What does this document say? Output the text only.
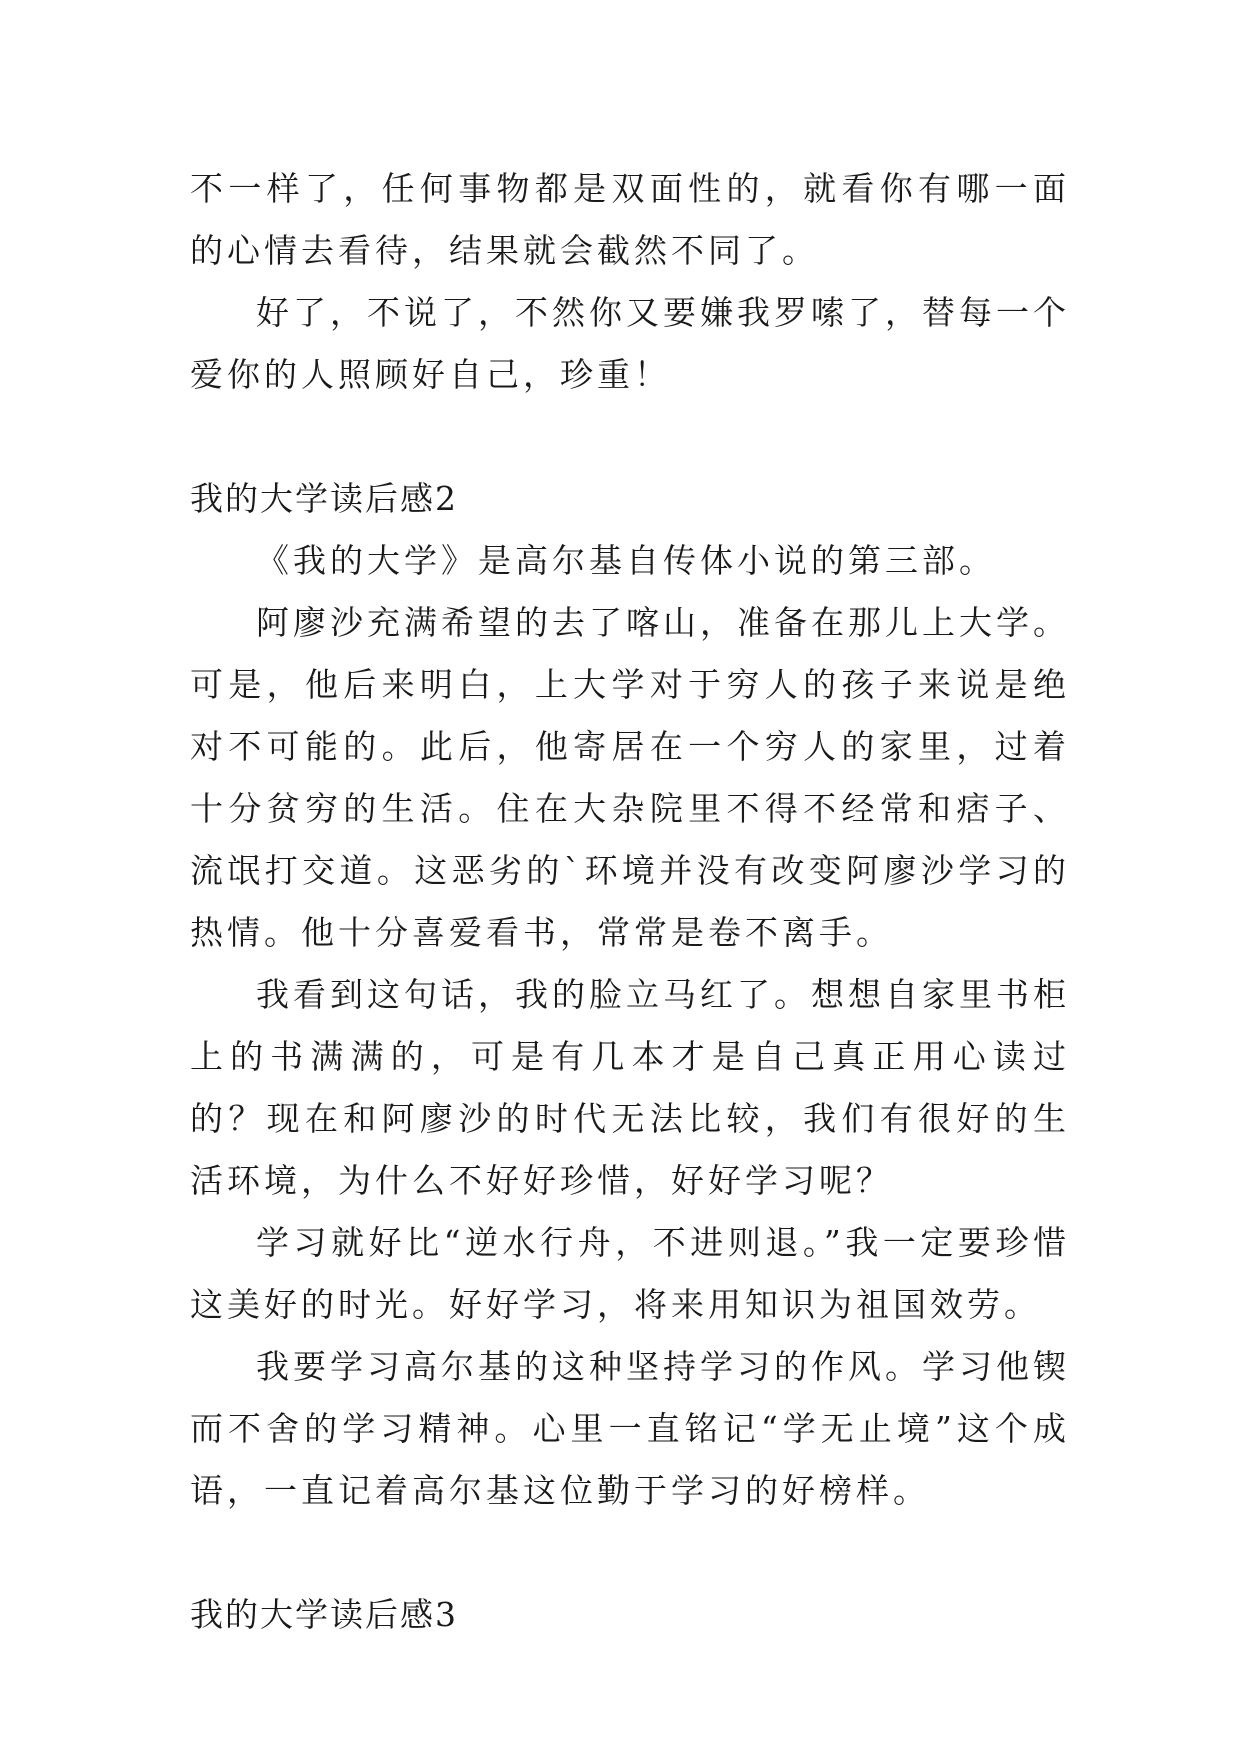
不一样了，任何事物都是双面性的，就看你有哪一面的心情去看待，结果就会截然不同了。

好了，不说了，不然你又要嫌我罗嗦了，替每一个爱你的人照顾好自己，珍重！

我的大学读后感2

《我的大学》是高尔基自传体小说的第三部。

阿廖沙充满希望的去了喀山，准备在那儿上大学。可是，他后来明白，上大学对于穷人的孩子来说是绝对不可能的。此后，他寄居在一个穷人的家里，过着十分贫穷的生活。住在大杂院里不得不经常和痞子、流氓打交道。这恶劣的`环境并没有改变阿廖沙学习的热情。他十分喜爱看书，常常是卷不离手。

我看到这句话，我的脸立马红了。想想自家里书柜上的书满满的，可是有几本才是自己真正用心读过的？现在和阿廖沙的时代无法比较，我们有很好的生活环境，为什么不好好珍惜，好好学习呢？

学习就好比“逆水行舟，不进则退。”我一定要珍惜这美好的时光。好好学习，将来用知识为祖国效劳。

我要学习高尔基的这种坚持学习的作风。学习他锲而不舍的学习精神。心里一直铭记“学无止境”这个成语，一直记着高尔基这位勤于学习的好榜样。

我的大学读后感3
